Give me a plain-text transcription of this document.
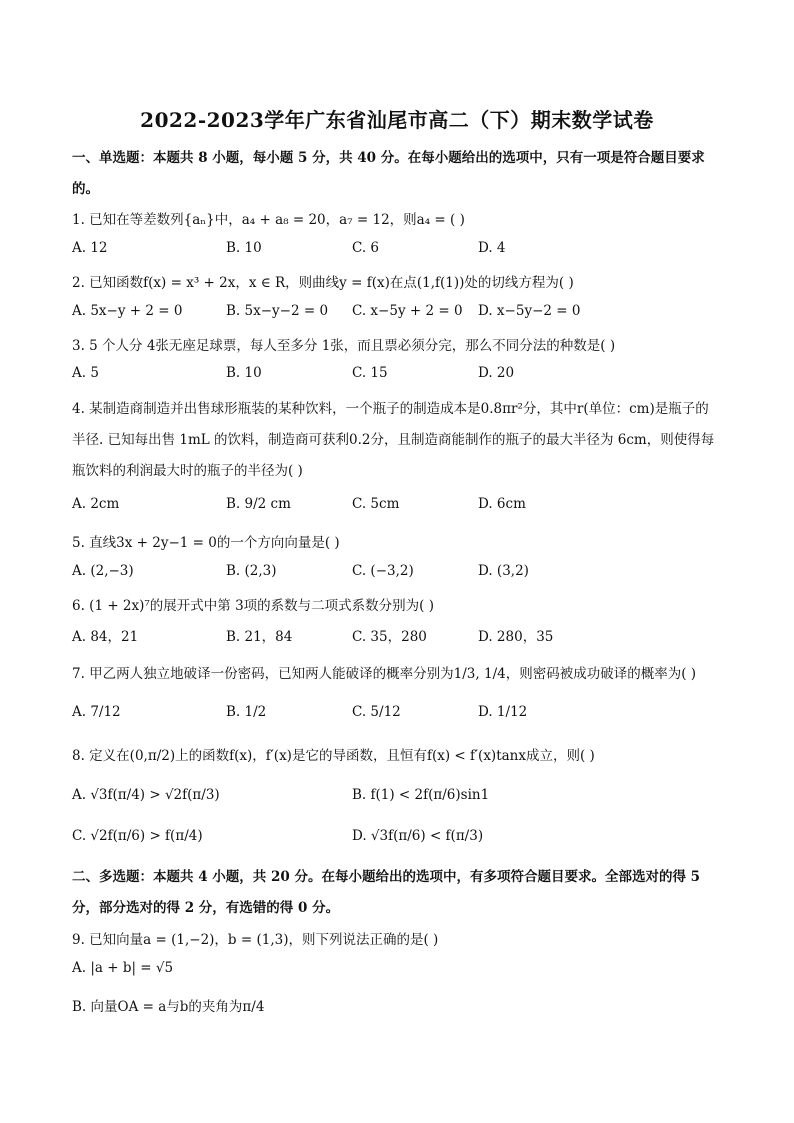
2022-2023学年广东省汕尾市高二（下）期末数学试卷
一、单选题：本题共 8 小题，每小题 5 分，共 40 分。在每小题给出的选项中，只有一项是符合题目要求
的。
1. 已知在等差数列{aₙ}中，a₄ + a₈ = 20，a₇ = 12，则a₄ = ( )
A. 12	B. 10	C. 6	D. 4
2. 已知函数f(x) = x³ + 2x，x ∈ R，则曲线y = f(x)在点(1,f(1))处的切线方程为( )
A. 5x−y + 2 = 0	B. 5x−y−2 = 0 C. x−5y + 2 = 0 D. x−5y−2 = 0
3. 5 个人分 4张无座足球票，每人至多分 1张，而且票必须分完，那么不同分法的种数是( )
A. 5	B. 10	C. 15	D. 20
4. 某制造商制造并出售球形瓶装的某种饮料，一个瓶子的制造成本是0.8πr²分，其中r(单位：cm)是瓶子的
半径. 已知每出售 1mL 的饮料，制造商可获利0.2分，且制造商能制作的瓶子的最大半径为 6cm，则使得每
瓶饮料的利润最大时的瓶子的半径为( )
A. 2cm	B. 9/2 cm	C. 5cm	D. 6cm
5. 直线3x + 2y−1 = 0的一个方向向量是( )
A. (2,−3)	B. (2,3)	C. (−3,2)	D. (3,2)
6. (1 + 2x)⁷的展开式中第 3项的系数与二项式系数分别为( )
A. 84，21	B. 21，84	C. 35，280	D. 280，35
7. 甲乙两人独立地破译一份密码，已知两人能破译的概率分别为1/3, 1/4，则密码被成功破译的概率为( )
A. 7/12	B. 1/2	C. 5/12	D. 1/12
8. 定义在(0,π/2)上的函数f(x)，f′(x)是它的导函数，且恒有f(x) < f′(x)tanx成立，则( )
A. √3f(π/4) > √2f(π/3)	B. f(1) < 2f(π/6)sin1
C. √2f(π/6) > f(π/4)	D. √3f(π/6) < f(π/3)
二、多选题：本题共 4 小题，共 20 分。在每小题给出的选项中，有多项符合题目要求。全部选对的得 5
分，部分选对的得 2 分，有选错的得 0 分。
9. 已知向量a = (1,−2)，b = (1,3)，则下列说法正确的是( )
A. |a + b| = √5
B. 向量OA = a与b的夹角为π/4
